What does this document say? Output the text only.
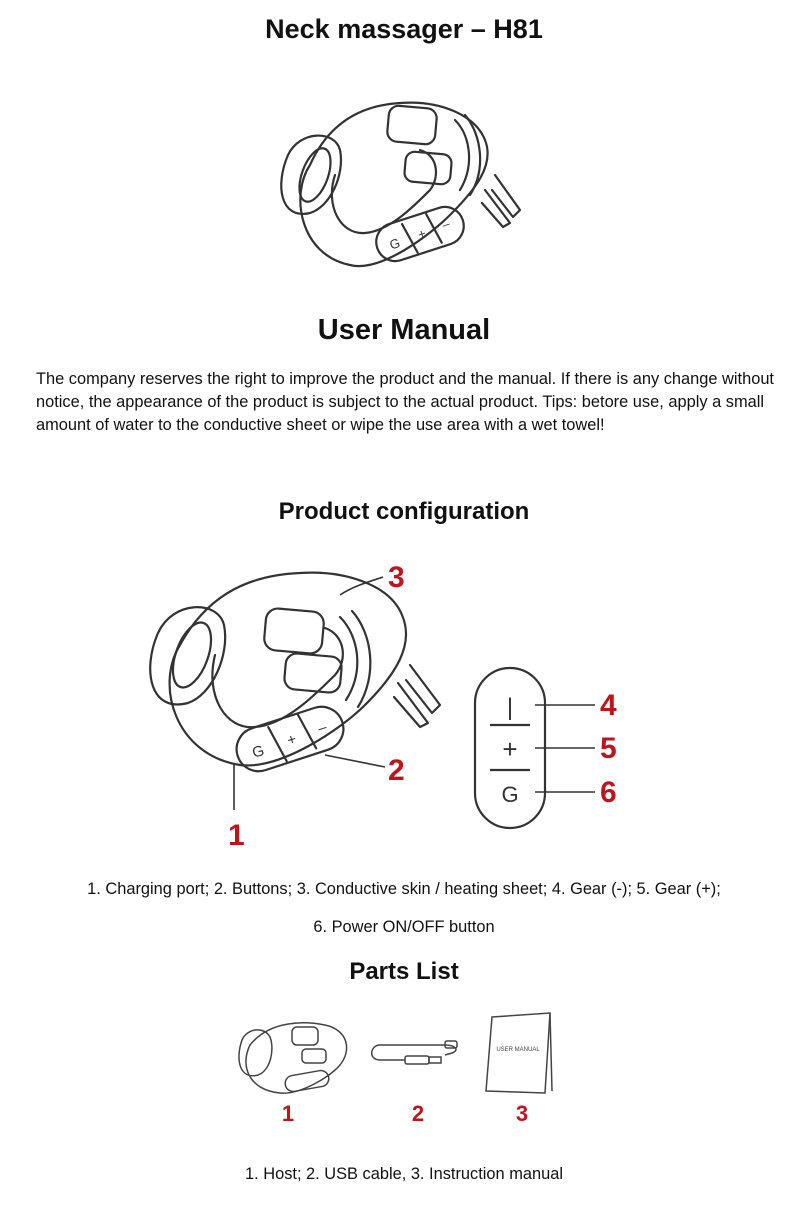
Neck massager – H81
G
+
–
User Manual

The company reserves the right to improve the product and the manual. If there is any change without notice, the appearance of the product is subject to the actual product. Tips: betore use, apply a small amount of water to the conductive sheet or wipe the use area with a wet towel!

Product configuration
G
+
–
|
+
G
3
2
1
4
5
6
1. Charging port; 2. Buttons; 3. Conductive skin / heating sheet; 4. Gear (-); 5. Gear (+);
6. Power ON/OFF button
Parts List
USER MANUAL
1	2	3
1. Host; 2. USB cable, 3. Instruction manual
